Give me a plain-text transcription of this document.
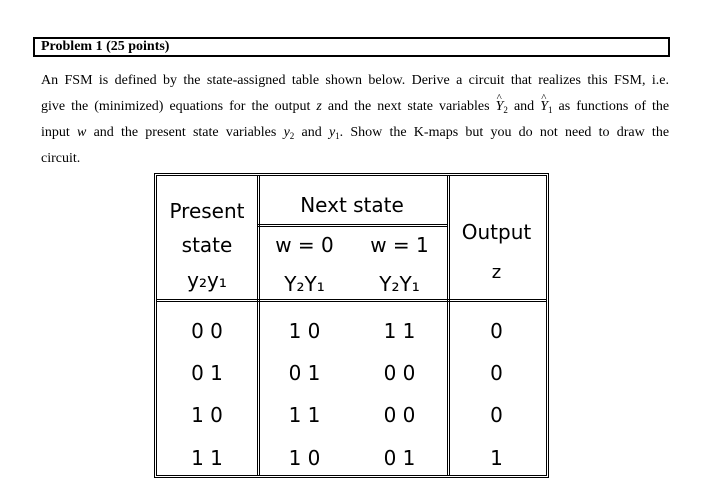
Problem 1 (25 points)
An FSM is defined by the state-assigned table shown below. Derive a circuit that realizes this FSM, i.e.
give the (minimized) equations for the output z and the next state variables ^ $Y_2$ and ^ $Y_1$ as functions of the
input w and the present state variables $y_2$ and $y_1$. Show the K-maps but you do not need to draw the
circuit.
Present
state
y₂y₁
Next state
w = 0	w = 1
Y₂Y₁	Y₂Y₁
Output
z
0 0	1 0	1 1	0
0 1	0 1	0 0	0
1 0	1 1	0 0	0
1 1	1 0	0 1	1
